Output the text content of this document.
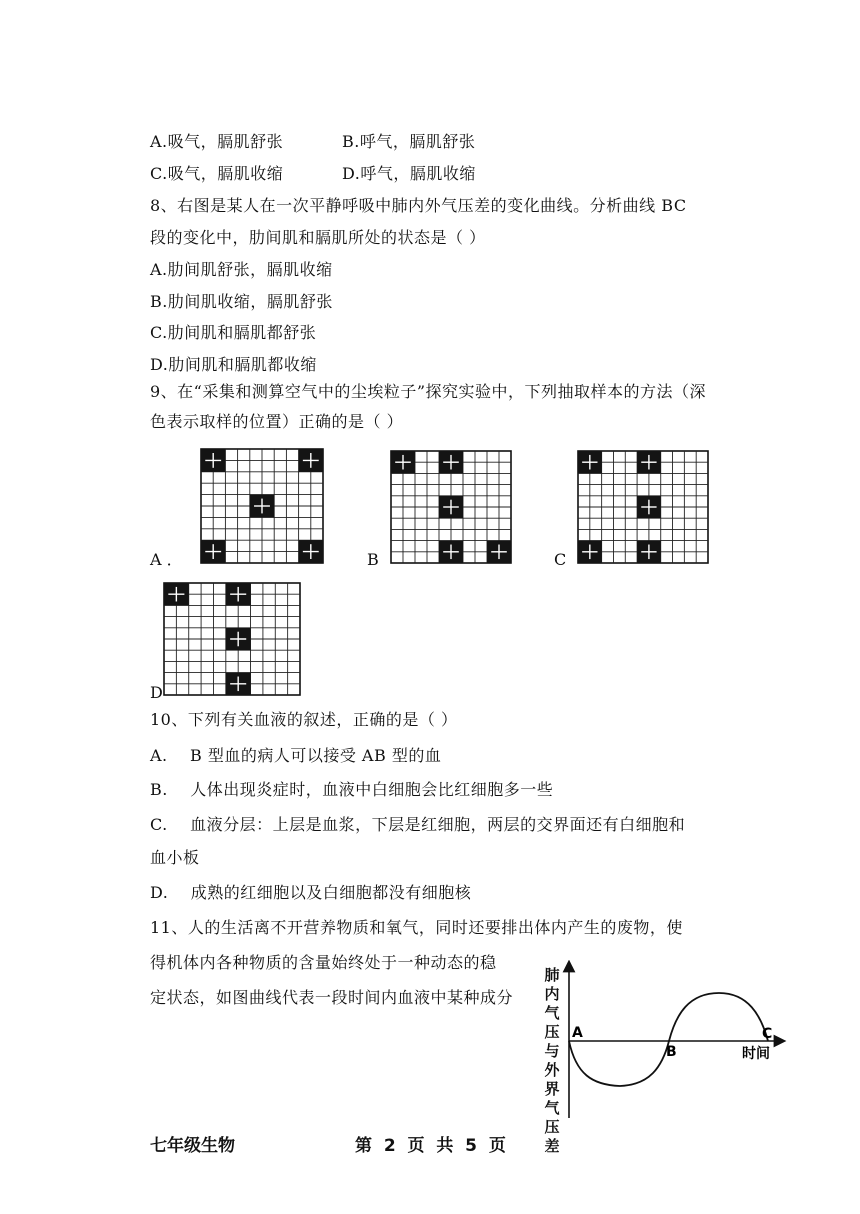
A.吸气，膈肌舒张	B.呼气，膈肌舒张
C.吸气，膈肌收缩	D.呼气，膈肌收缩
8、右图是某人在一次平静呼吸中肺内外气压差的变化曲线。分析曲线 BC
段的变化中，肋间肌和膈肌所处的状态是（ ）
A.肋间肌舒张，膈肌收缩
B.肋间肌收缩，膈肌舒张
C.肋间肌和膈肌都舒张
D.肋间肌和膈肌都收缩
9、在“采集和测算空气中的尘埃粒子”探究实验中，下列抽取样本的方法（深
色表示取样的位置）正确的是（ ）
A ．	B	C
D
10、下列有关血液的叙述，正确的是（ ）
A.    B 型血的病人可以接受 AB 型的血
B.    人体出现炎症时，血液中白细胞会比红细胞多一些
C.    血液分层：上层是血浆，下层是红细胞，两层的交界面还有白细胞和
血小板
D.    成熟的红细胞以及白细胞都没有细胞核
11、人的生活离不开营养物质和氧气，同时还要排出体内产生的废物，使
得机体内各种物质的含量始终处于一种动态的稳
定状态，如图曲线代表一段时间内血液中某种成分
A
B
C
时间
肺
内
气
压
与
外
界
气
压
差
七年级生物	第  2  页  共  5  页
